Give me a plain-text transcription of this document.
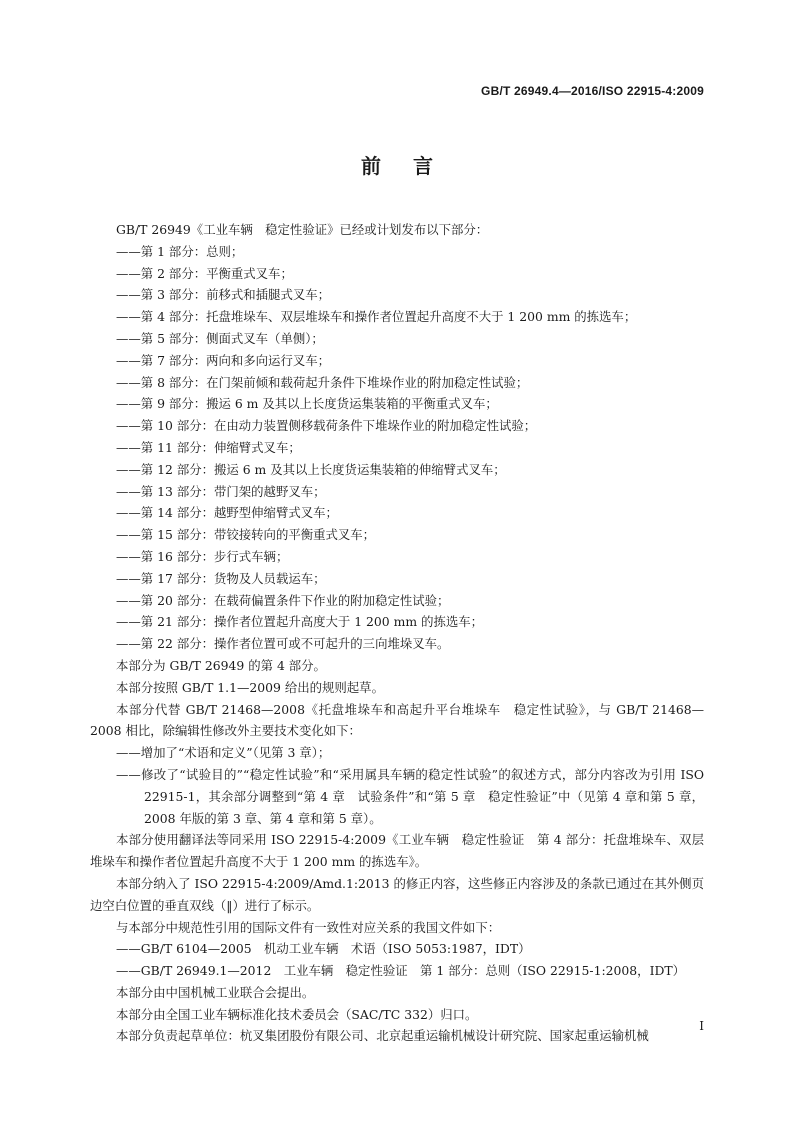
GB/T 26949.4—2016/ISO 22915-4:2009
前言

GB/T 26949《工业车辆　稳定性验证》已经或计划发布以下部分：

——第 1 部分：总则；

——第 2 部分：平衡重式叉车；

——第 3 部分：前移式和插腿式叉车；

——第 4 部分：托盘堆垛车、双层堆垛车和操作者位置起升高度不大于 1 200 mm 的拣选车；

——第 5 部分：侧面式叉车（单侧）；

——第 7 部分：两向和多向运行叉车；

——第 8 部分：在门架前倾和载荷起升条件下堆垛作业的附加稳定性试验；

——第 9 部分：搬运 6 m 及其以上长度货运集装箱的平衡重式叉车；

——第 10 部分：在由动力装置侧移载荷条件下堆垛作业的附加稳定性试验；

——第 11 部分：伸缩臂式叉车；

——第 12 部分：搬运 6 m 及其以上长度货运集装箱的伸缩臂式叉车；

——第 13 部分：带门架的越野叉车；

——第 14 部分：越野型伸缩臂式叉车；

——第 15 部分：带铰接转向的平衡重式叉车；

——第 16 部分：步行式车辆；

——第 17 部分：货物及人员载运车；

——第 20 部分：在载荷偏置条件下作业的附加稳定性试验；

——第 21 部分：操作者位置起升高度大于 1 200 mm 的拣选车；

——第 22 部分：操作者位置可或不可起升的三向堆垛叉车。

本部分为 GB/T 26949 的第 4 部分。

本部分按照 GB/T 1.1—2009 给出的规则起草。

本部分代替 GB/T 21468—2008《托盘堆垛车和高起升平台堆垛车　稳定性试验》，与 GB/T 21468—2008 相比，除编辑性修改外主要技术变化如下：

——增加了“术语和定义”（见第 3 章）；

——修改了“试验目的”“稳定性试验”和“采用属具车辆的稳定性试验”的叙述方式，部分内容改为引用 ISO 22915-1，其余部分调整到“第 4 章　试验条件”和“第 5 章　稳定性验证”中（见第 4 章和第 5 章，2008 年版的第 3 章、第 4 章和第 5 章）。

本部分使用翻译法等同采用 ISO 22915-4:2009《工业车辆　稳定性验证　第 4 部分：托盘堆垛车、双层堆垛车和操作者位置起升高度不大于 1 200 mm 的拣选车》。

本部分纳入了 ISO 22915-4:2009/Amd.1:2013 的修正内容，这些修正内容涉及的条款已通过在其外侧页边空白位置的垂直双线（‖）进行了标示。

与本部分中规范性引用的国际文件有一致性对应关系的我国文件如下：

——GB/T 6104—2005　机动工业车辆　术语（ISO 5053:1987，IDT）

——GB/T 26949.1—2012　工业车辆　稳定性验证　第 1 部分：总则（ISO 22915-1:2008，IDT）

本部分由中国机械工业联合会提出。

本部分由全国工业车辆标准化技术委员会（SAC/TC 332）归口。

本部分负责起草单位：杭叉集团股份有限公司、北京起重运输机械设计研究院、国家起重运输机械

I
